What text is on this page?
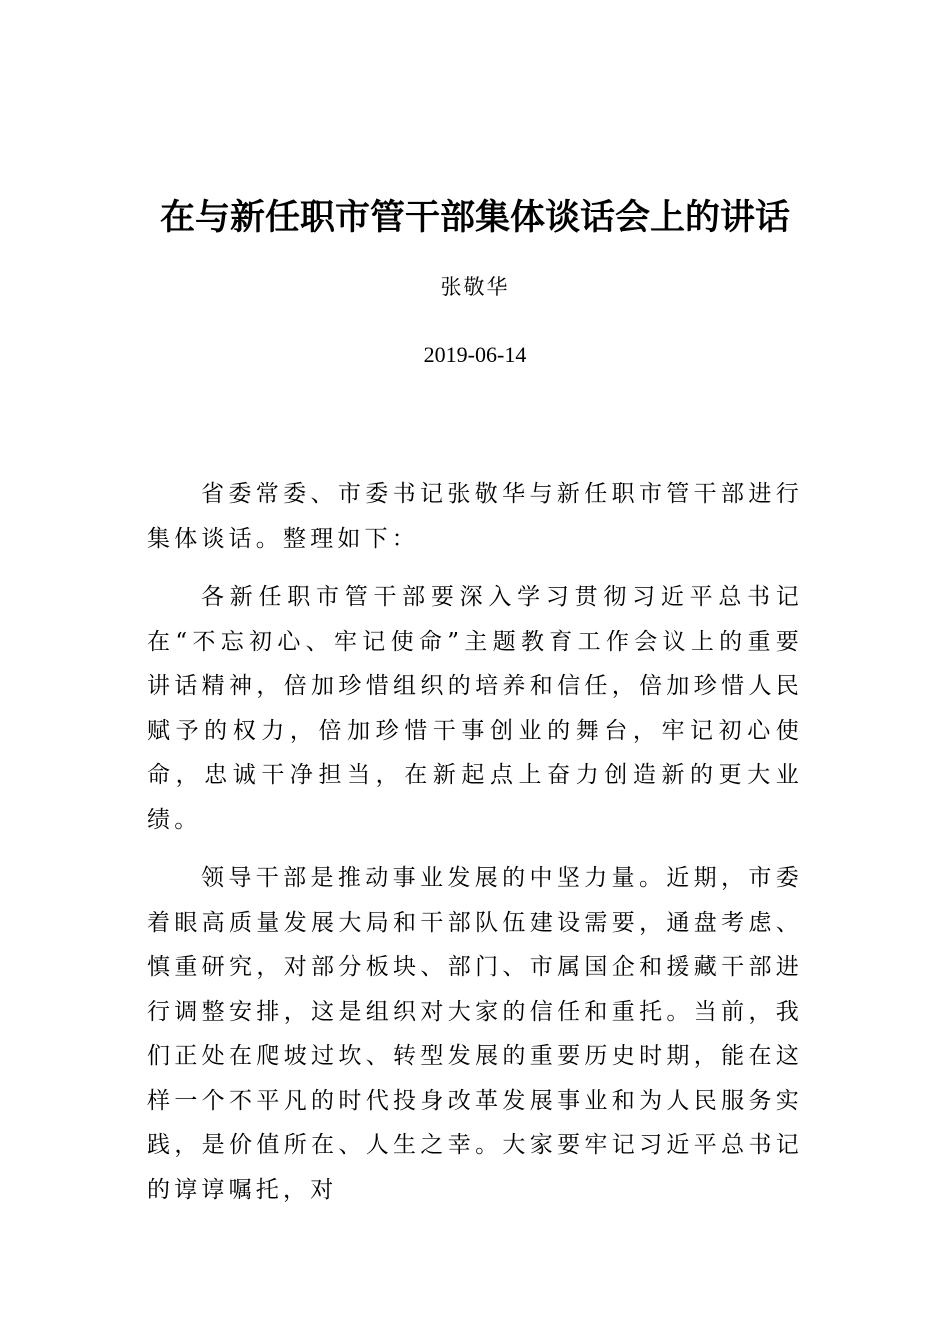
在与新任职市管干部集体谈话会上的讲话

张敬华

2019-06-14

省委常委、市委书记张敬华与新任职市管干部进行集体谈话。整理如下：

各新任职市管干部要深入学习贯彻习近平总书记在“不忘初心、牢记使命”主题教育工作会议上的重要讲话精神，倍加珍惜组织的培养和信任，倍加珍惜人民赋予的权力，倍加珍惜干事创业的舞台，牢记初心使命，忠诚干净担当，在新起点上奋力创造新的更大业绩。

领导干部是推动事业发展的中坚力量。近期，市委着眼高质量发展大局和干部队伍建设需要，通盘考虑、慎重研究，对部分板块、部门、市属国企和援藏干部进行调整安排，这是组织对大家的信任和重托。当前，我们正处在爬坡过坎、转型发展的重要历史时期，能在这样一个不平凡的时代投身改革发展事业和为人民服务实践，是价值所在、人生之幸。大家要牢记习近平总书记的谆谆嘱托，对
